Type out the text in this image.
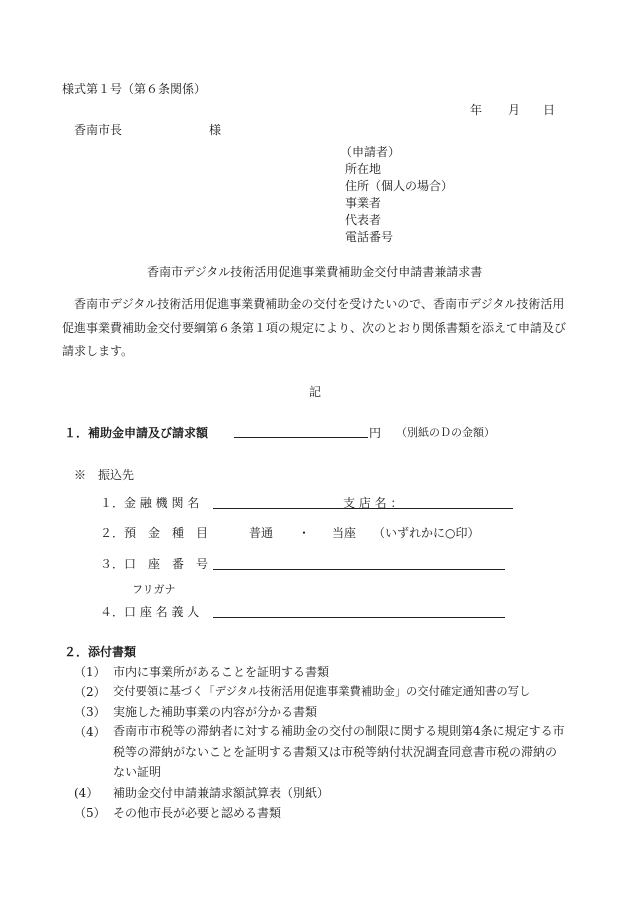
様式第１号（第６条関係）
年 月 日
香南市長	様
（申請者）
所在地
住所（個人の場合）
事業者
代表者
電話番号
香南市デジタル技術活用促進事業費補助金交付申請書兼請求書
香南市デジタル技術活用促進事業費補助金の交付を受けたいので、香南市デジタル技術活用促進事業費補助金交付要綱第６条第１項の規定により、次のとおり関係書類を添えて申請及び請求します。
記
１．補助金申請及び請求額	円 （別紙のＤの金額）
※　振込先
１．金 融 機 関 名	支 店 名 ：
２．預　金　種　目	普通 ・ 当座 （いずれかに○印）
３．口　座　番　号
フリガナ
４．口 座 名 義 人
２．添付書類
（1） 市内に事業所があることを証明する書類
（2） 交付要領に基づく「デジタル技術活用促進事業費補助金」の交付確定通知書の写し
（3） 実施した補助事業の内容が分かる書類
（4） 香南市市税等の滞納者に対する補助金の交付の制限に関する規則第4条に規定する市税等の滞納がないことを証明する書類又は市税等納付状況調査同意書市税の滞納のない証明
(4） 補助金交付申請兼請求額試算表（別紙）
（5） その他市長が必要と認める書類
